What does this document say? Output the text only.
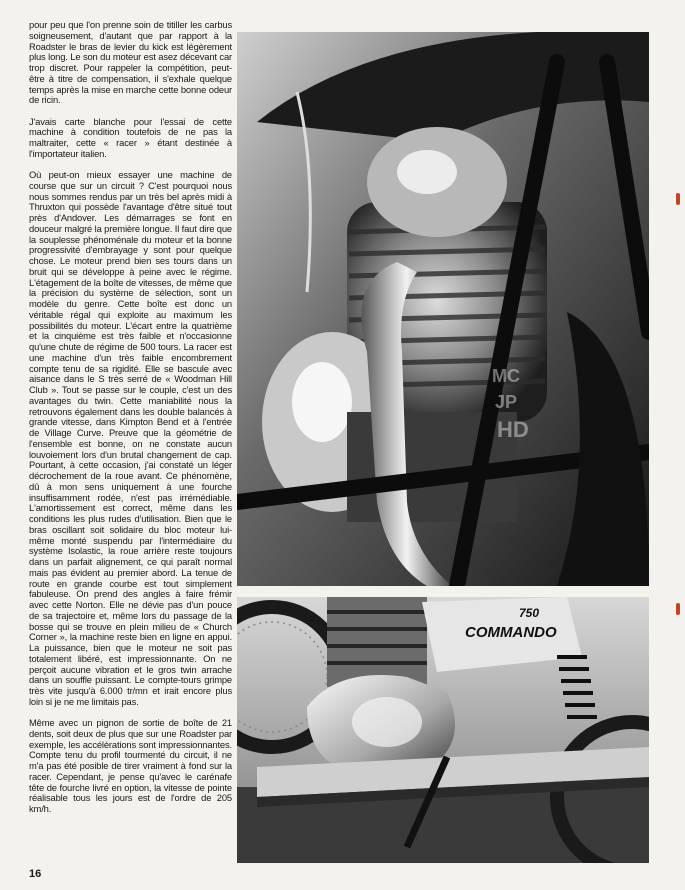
pour peu que l'on prenne soin de titiller les carbus soigneusement, d'autant que par rapport à la Roadster le bras de levier du kick est légèrement plus long. Le son du moteur est asez décevant car trop discret. Pour rappeler la compétition, peut-être à titre de compensation, il s'exhale quelque temps après la mise en marche cette bonne odeur de ricin.

J'avais carte blanche pour l'essai de cette machine à condition toutefois de ne pas la maltraiter, cette « racer » étant destinée à l'importateur italien.

Où peut-on mieux essayer une machine de course que sur un circuit ? C'est pourquoi nous nous sommes rendus par un très bel après midi à Thruxton qui possède l'avantage d'être situé tout près d'Andover. Les démarrages se font en douceur malgré la première longue. Il faut dire que la souplesse phénoménale du moteur et la bonne progressivité d'embrayage y sont pour quelque chose. Le moteur prend bien ses tours dans un bruit qui se développe à peine avec le régime. L'étagement de la boîte de vitesses, de même que la précision du système de sélection, sont un modèle du genre. Cette boîte est donc un véritable régal qui exploite au maximum les possibilités du moteur. L'écart entre la quatrième et la cinquième est très faible et n'occasionne qu'une chute de régime de 500 tours. La racer est une machine d'un très faible encombrement compte tenu de sa rigidité. Elle se bascule avec aisance dans le S très serré de « Woodman Hill Club ». Tout se passe sur le couple, c'est un des avantages du twin. Cette maniabilité nous la retrouvons également dans les double balancés à grande vitesse, dans Kimpton Bend et à l'entrée de Village Curve. Preuve que la géométrie de l'ensemble est bonne, on ne constate aucun louvoiement lors d'un brutal changement de cap. Pourtant, à cette occasion, j'ai constaté un léger décrochement de la roue avant. Ce phénomène, dû à mon sens uniquement à une fourche insuffisamment rodée, n'est pas irrémédiable. L'amortissement est correct, même dans les conditions les plus rudes d'utilisation. Bien que le bras oscillant soit solidaire du bloc moteur lui-même monté suspendu par l'intermédiaire du système Isolastic, la roue arrière reste toujours dans un parfait alignement, ce qui paraît normal mais pas évident au premier abord. La tenue de route en grande courbe est tout simplement fabuleuse. On prend des angles à faire frémir avec cette Norton. Elle ne dévie pas d'un pouce de sa trajectoire et, même lors du passage de la bosse qui se trouve en plein milieu de « Church Corner », la machine reste bien en ligne en appui. La puissance, bien que le moteur ne soit pas totalement libéré, est impressionnante. On ne perçoit aucune vibration et le gros twin arrache dans un souffle puissant. Le compte-tours grimpe très vite jusqu'à 6.000 tr/mn et irait encore plus loin si je ne me limitais pas.

Même avec un pignon de sortie de boîte de 21 dents, soit deux de plus que sur une Roadster par exemple, les accélérations sont impressionnantes. Compte tenu du profil tourmenté du circuit, il ne m'a pas été posible de tirer vraiment à fond sur la racer. Cependant, je pense qu'avec le carénafe tête de fourche livré en option, la vitesse de pointe réalisable tous les jours est de l'ordre de 205 km/h.

16
MC
JP
HD
750
COMMANDO
